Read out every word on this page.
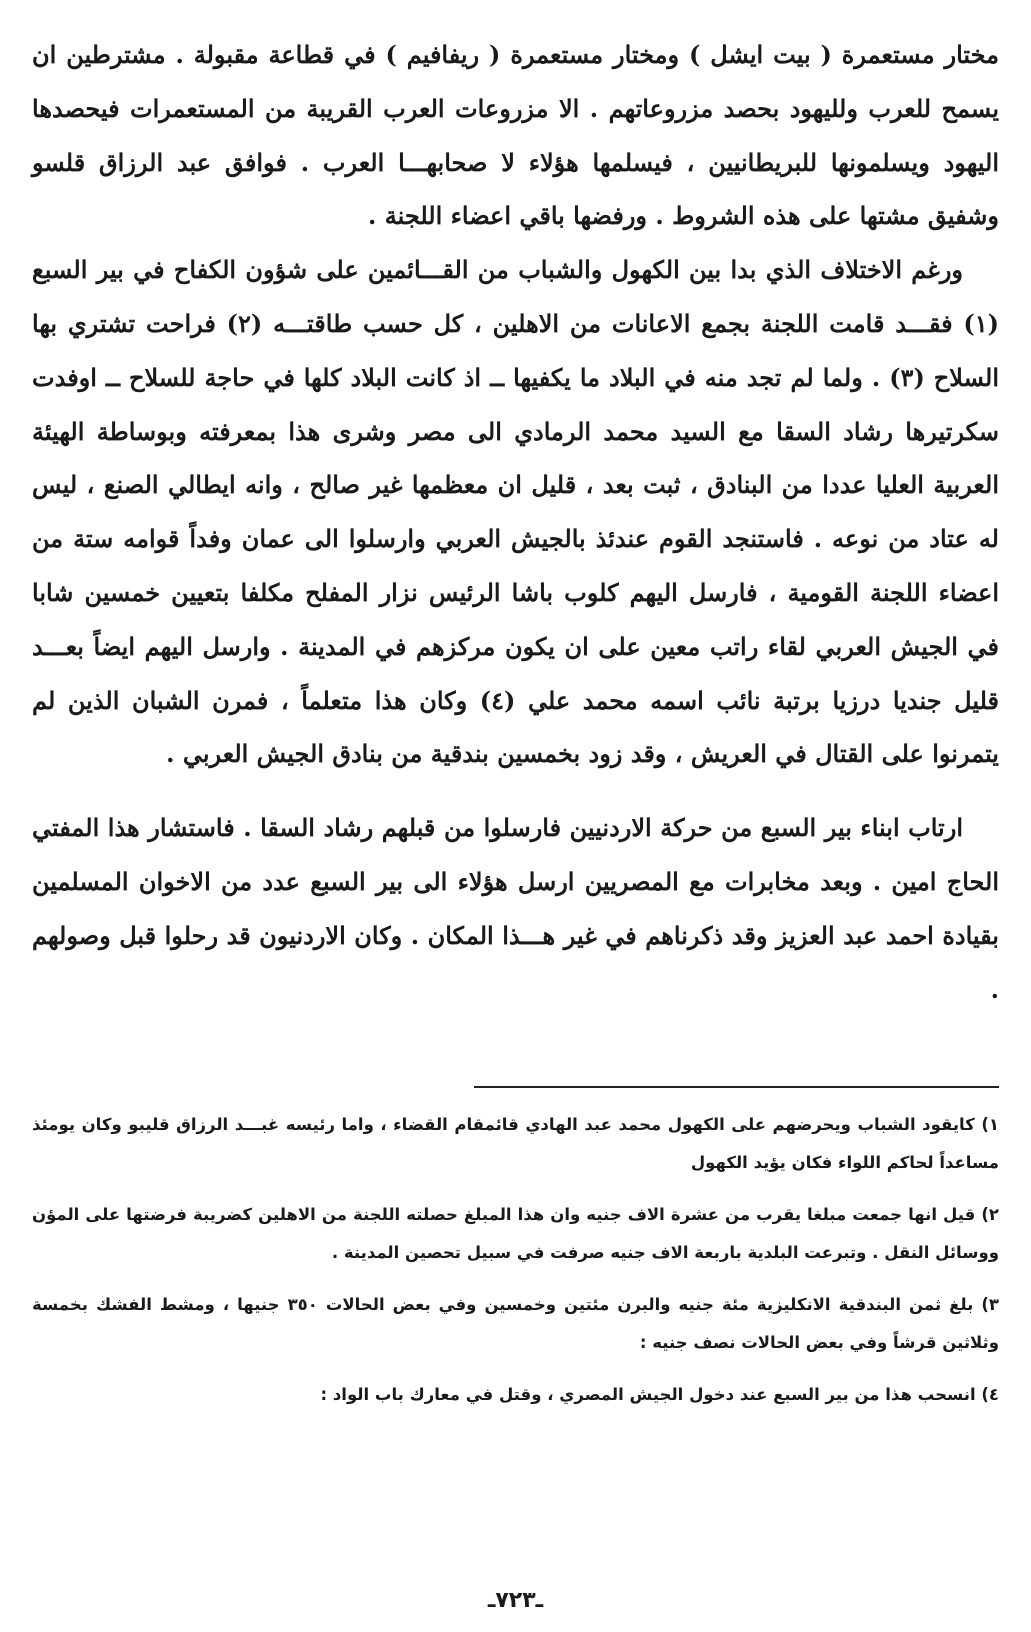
مختار مستعمرة ( بيت ايشل ) ومختار مستعمرة ( ريفافيم ) في قطاعة مقبولة . مشترطين ان يسمح للعرب ولليهود بحصد مزروعاتهم . الا مزروعات العرب القريبة من المستعمرات فيحصدها اليهود ويسلمونها للبريطانيين ، فيسلمها هؤلاء لا صحابهـــا العرب . فوافق عبد الرزاق قلسو وشفيق مشتها على هذه الشروط . ورفضها باقي اعضاء اللجنة .

ورغم الاختلاف الذي بدا بين الكهول والشباب من القـــائمين على شؤون الكفاح في بير السبع (١) فقـــد قامت اللجنة بجمع الاعانات من الاهلين ، كل حسب طاقتـــه (٢) فراحت تشتري بها السلاح (٣) . ولما لم تجد منه في البلاد ما يكفيها ــ اذ كانت البلاد كلها في حاجة للسلاح ــ اوفدت سكرتيرها رشاد السقا مع السيد محمد الرمادي الى مصر وشرى هذا بمعرفته وبوساطة الهيئة العربية العليا عددا من البنادق ، ثبت بعد ، قليل ان معظمها غير صالح ، وانه ايطالي الصنع ، ليس له عتاد من نوعه . فاستنجد القوم عندئذ بالجيش العربي وارسلوا الى عمان وفداً قوامه ستة من اعضاء اللجنة القومية ، فارسل اليهم كلوب باشا الرئيس نزار المفلح مكلفا بتعيين خمسين شابا في الجيش العربي لقاء راتب معين على ان يكون مركزهم في المدينة . وارسل اليهم ايضاً بعـــد قليل جنديا درزيا برتبة نائب اسمه محمد علي (٤) وكان هذا متعلماً ، فمرن الشبان الذين لم يتمرنوا على القتال في العريش ، وقد زود بخمسين بندقية من بنادق الجيش العربي .

ارتاب ابناء بير السبع من حركة الاردنيين فارسلوا من قبلهم رشاد السقا . فاستشار هذا المفتي الحاج امين . وبعد مخابرات مع المصريين ارسل هؤلاء الى بير السبع عدد من الاخوان المسلمين بقيادة احمد عبد العزيز وقد ذكرناهم في غير هـــذا المكان . وكان الاردنيون قد رحلوا قبل وصولهم .

١) كايقود الشباب ويحرضهم على الكهول محمد عبد الهادي قائمقام القضاء ، واما رئيسه غبـــد الرزاق قليبو وكان يومئذ مساعداً لحاكم اللواء فكان يؤيد الكهول

٢) قيل انها جمعت مبلغا يقرب من عشرة الاف جنيه وان هذا المبلغ حصلته اللجنة من الاهلين كضريبة فرضتها على المؤن ووسائل النقل . وتبرعت البلدية باربعة الاف جنيه صرفت في سبيل تحصين المدينة .

٣) بلغ ثمن البندقية الانكليزية مئة جنيه والبرن مئتين وخمسين وفي بعض الحالات ٣٥٠ جنيها ، ومشط الفشك بخمسة وثلاثين قرشاً وفي بعض الحالات نصف جنيه :

٤) انسحب هذا من بير السبع عند دخول الجيش المصري ، وقتل في معارك باب الواد :

ـ٧٢٣ـ
